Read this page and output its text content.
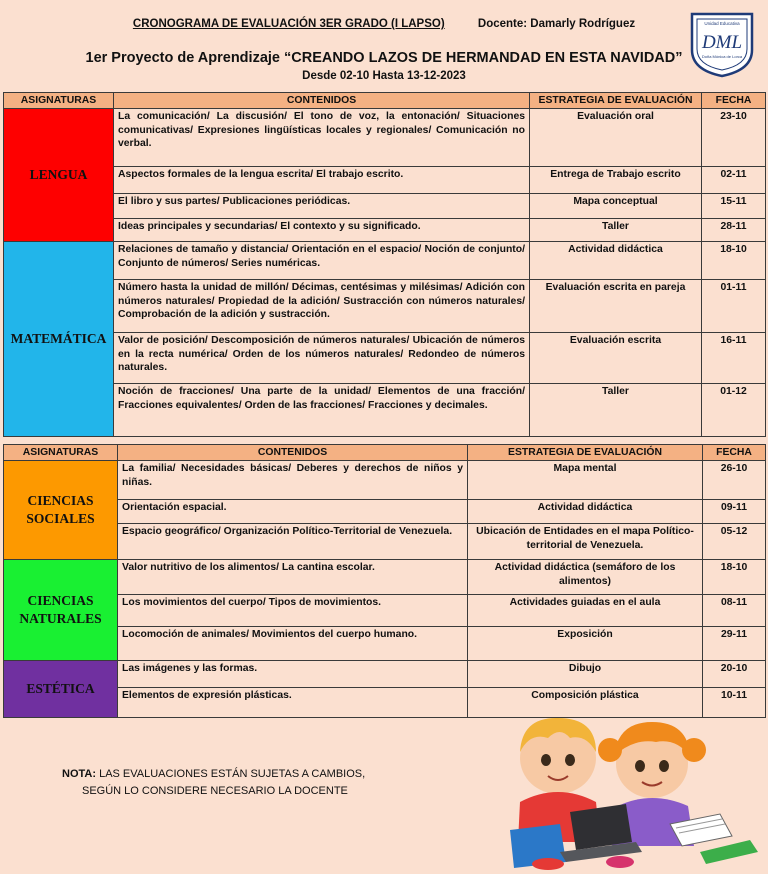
CRONOGRAMA DE EVALUACIÓN 3ER GRADO (I LAPSO)	Docente: Damarly Rodríguez
1er Proyecto de Aprendizaje “CREANDO LAZOS DE HERMANDAD EN ESTA NAVIDAD”
Desde 02-10 Hasta 13-12-2023
Unidad Educativa
DML
Doña Mónica de Lorca
ASIGNATURAS	CONTENIDOS	ESTRATEGIA DE EVALUACIÓN	FECHA
LENGUA	La comunicación/ La discusión/ El tono de voz, la entonación/ Situaciones comunicativas/ Expresiones lingüísticas locales y regionales/ Comunicación no verbal.	Evaluación oral	23-10
	Aspectos formales de la lengua escrita/ El trabajo escrito.	Entrega de Trabajo escrito	02-11
	El libro y sus partes/ Publicaciones periódicas.	Mapa conceptual	15-11
	Ideas principales y secundarias/ El contexto y su significado.	Taller	28-11
MATEMÁTICA	Relaciones de tamaño y distancia/ Orientación en el espacio/ Noción de conjunto/ Conjunto de números/ Series numéricas.	Actividad didáctica	18-10
	Número hasta la unidad de millón/ Décimas, centésimas y milésimas/ Adición con números naturales/ Propiedad de la adición/ Sustracción con números naturales/ Comprobación de la adición y sustracción.	Evaluación escrita en pareja	01-11
	Valor de posición/ Descomposición de números naturales/ Ubicación de números en la recta numérica/ Orden de los números naturales/ Redondeo de números naturales.	Evaluación escrita	16-11
	Noción de fracciones/ Una parte de la unidad/ Elementos de una fracción/ Fracciones equivalentes/ Orden de las fracciones/ Fracciones y decimales.	Taller	01-12
ASIGNATURAS	CONTENIDOS	ESTRATEGIA DE EVALUACIÓN	FECHA
CIENCIAS SOCIALES	La familia/ Necesidades básicas/ Deberes y derechos de niños y niñas.	Mapa mental	26-10
	Orientación espacial.	Actividad didáctica	09-11
	Espacio geográfico/ Organización Político-Territorial de Venezuela.	Ubicación de Entidades en el mapa Político-territorial de Venezuela.	05-12
CIENCIAS NATURALES	Valor nutritivo de los alimentos/ La cantina escolar.	Actividad didáctica (semáforo de los alimentos)	18-10
	Los movimientos del cuerpo/ Tipos de movimientos.	Actividades guiadas en el aula	08-11
	Locomoción de animales/ Movimientos del cuerpo humano.	Exposición	29-11
ESTÉTICA	Las imágenes y las formas.	Dibujo	20-10
	Elementos de expresión plásticas.	Composición plástica	10-11
NOTA: LAS EVALUACIONES ESTÁN SUJETAS A CAMBIOS,
SEGÚN LO CONSIDERE NECESARIO LA DOCENTE
